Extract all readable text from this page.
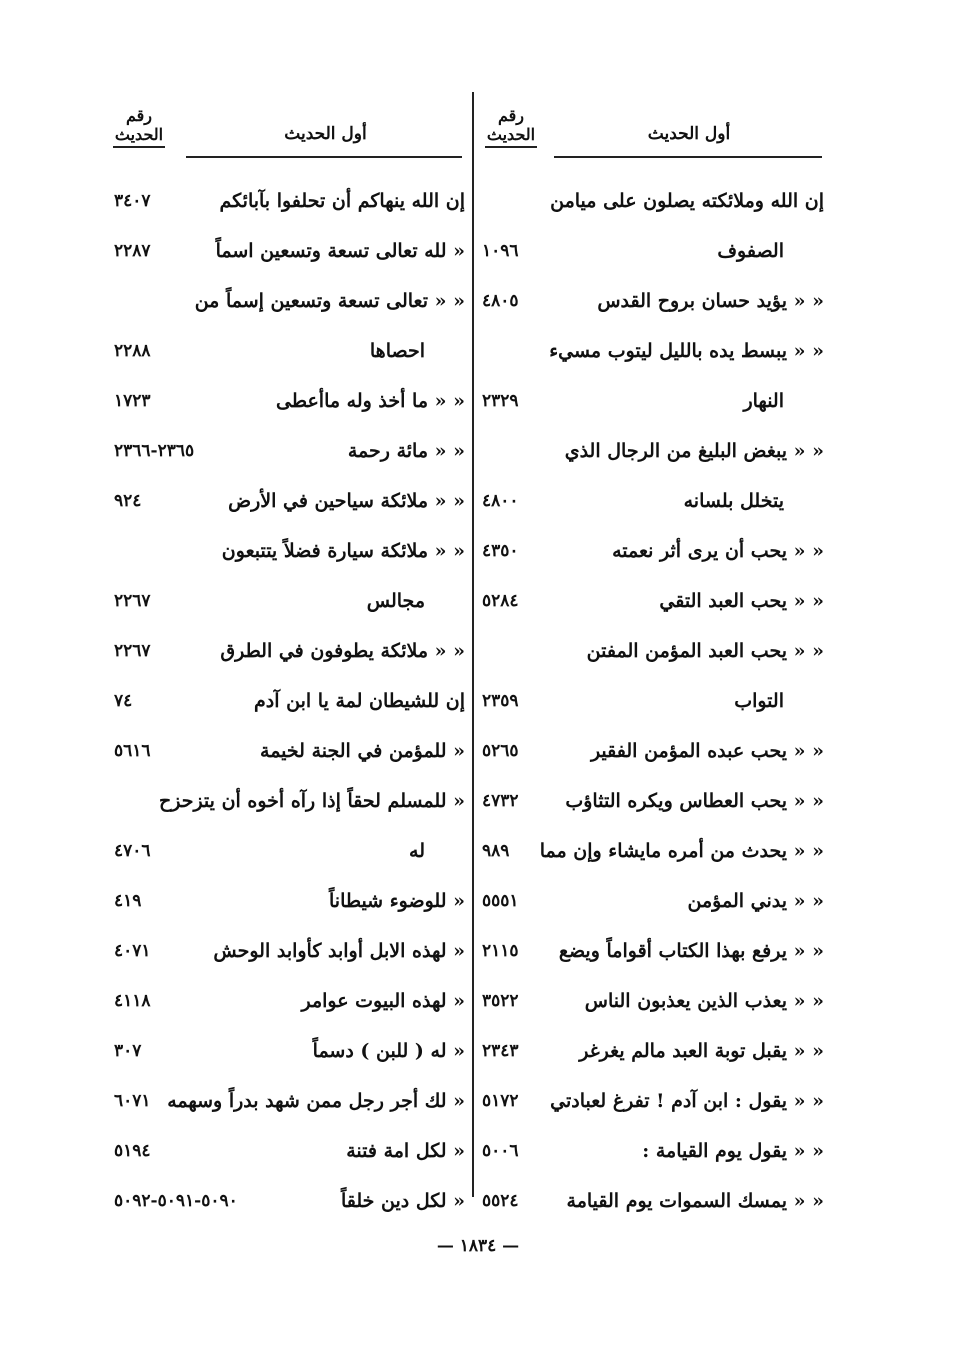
رقم
الحديث	أول الحديث
إن الله وملائكته يصلون على ميامن
الصفوف
١٠٩٦
« « يؤيد حسان بروح القدس
٤٨٠٥
« « يبسط يده بالليل ليتوب مسيء
النهار
٢٣٢٩
« « يبغض البليغ من الرجال الذي
يتخلل بلسانه
٤٨٠٠
« « يحب أن يرى أثر نعمته
٤٣٥٠
« « يحب العبد التقي
٥٢٨٤
« « يحب العبد المؤمن المفتن
التواب
٢٣٥٩
« « يحب عبده المؤمن الفقير
٥٢٦٥
« « يحب العطاس ويكره التثاؤب
٤٧٣٢
« « يحدث من أمره مايشاء وإن مما
٩٨٩
« « يدني المؤمن
٥٥٥١
« « يرفع بهذا الكتاب أقواماً ويضع
٢١١٥
« « يعذب الذين يعذبون الناس
٣٥٢٢
« « يقبل توبة العبد مالم يغرغر
٢٣٤٣
« « يقول : ابن آدم ! تفرغ لعبادتي
٥١٧٢
« « يقول يوم القيامة :
٥٠٠٦
« « يمسك السموات يوم القيامة
٥٥٢٤
رقم
الحديث	أول الحديث
إن الله ينهاكم أن تحلفوا بآبائكم
٣٤٠٧
« لله تعالى تسعة وتسعين اسماً
٢٢٨٧
« « تعالى تسعة وتسعين إسماً من
احصاها
٢٢٨٨
« « ما أخذ وله ماأعطى
١٧٢٣
« « مائة رحمة
٢٣٦٥-٢٣٦٦
« « ملائكة سياحين في الأرض
٩٢٤
« « ملائكة سيارة فضلاً يتتبعون
مجالس
٢٢٦٧
« « ملائكة يطوفون في الطرق
٢٢٦٧
إن للشيطان لمة يا ابن آدم
٧٤
« للمؤمن في الجنة لخيمة
٥٦١٦
« للمسلم لحقاً إذا رآه أخوه أن يتزحزح
له
٤٧٠٦
« للوضوء شيطاناً
٤١٩
« لهذه الابل أوابد كأوابد الوحش
٤٠٧١
« لهذه البيوت عوامر
٤١١٨
« له ( للبن ) دسماً
٣٠٧
« لك أجر رجل ممن شهد بدراً وسهمه
٦٠٧١
« لكل امة فتنة
٥١٩٤
« لكل دين خلقاً
٥٠٩٠-٥٠٩١-٥٠٩٢
— ١٨٣٤ —
